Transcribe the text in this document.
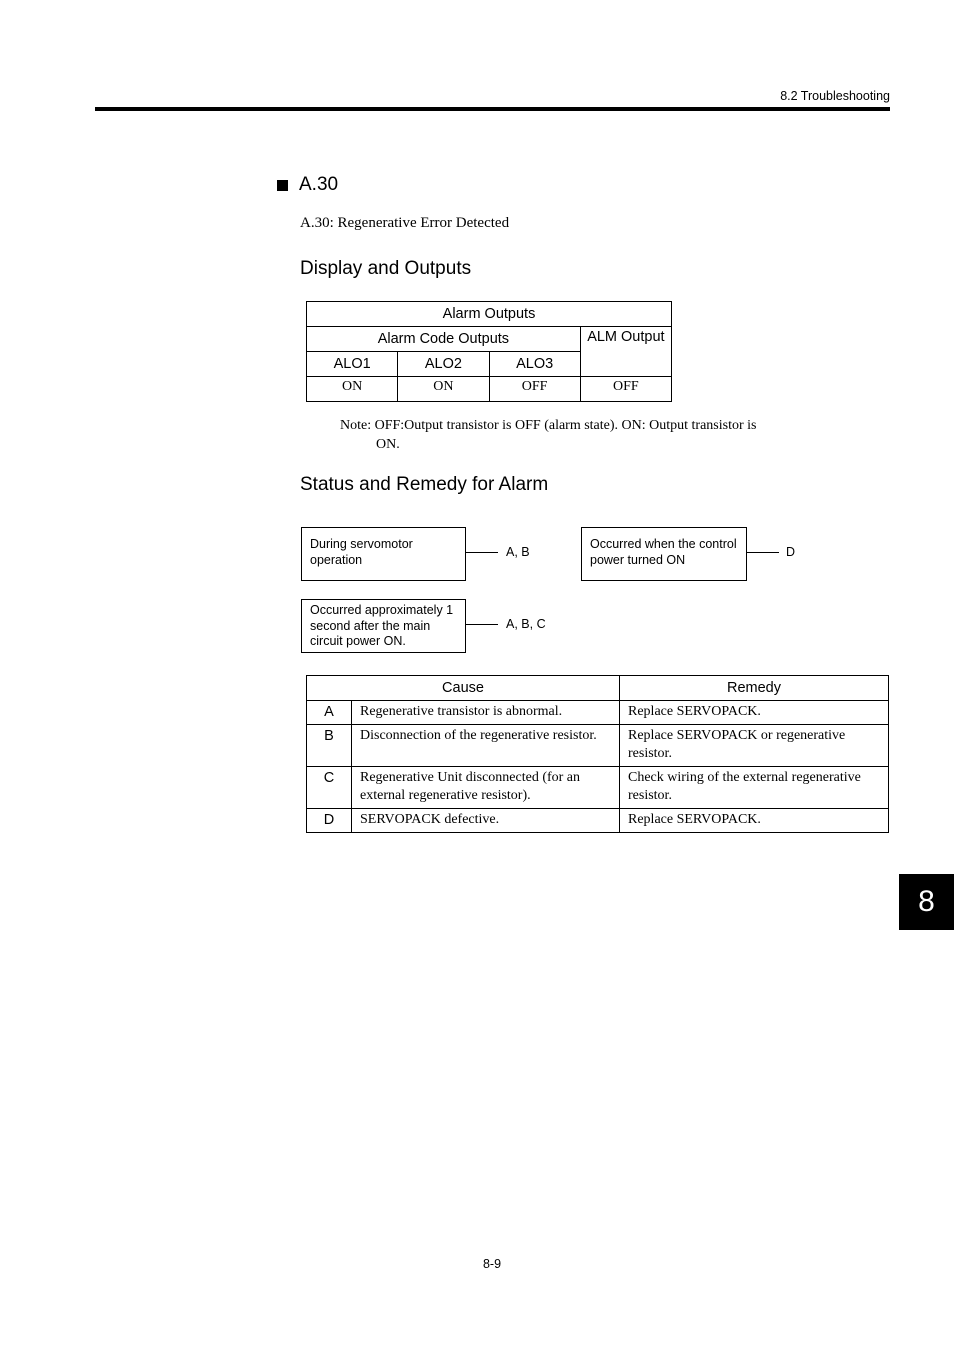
8.2 Troubleshooting
A.30
A.30: Regenerative Error Detected
Display and Outputs
Alarm Outputs			
Alarm Code Outputs			ALM Output
ALO1	ALO2	ALO3	
ON	ON	OFF	OFF
Note: OFF:Output transistor is OFF (alarm state). ON: Output transistor is
ON.
Status and Remedy for Alarm
During servomotor operation
A, B
Occurred when the control power turned ON
D
Occurred approximately 1 second after the main circuit power ON.
A, B, C
Cause		Remedy
A	Regenerative transistor is abnormal.	Replace SERVOPACK.
B	Disconnection of the regenerative resistor.	Replace SERVOPACK or regenerative resistor.
C	Regenerative Unit disconnected (for an external regenerative resistor).	Check wiring of the external regenerative resistor.
D	SERVOPACK defective.	Replace SERVOPACK.
8
8-9
